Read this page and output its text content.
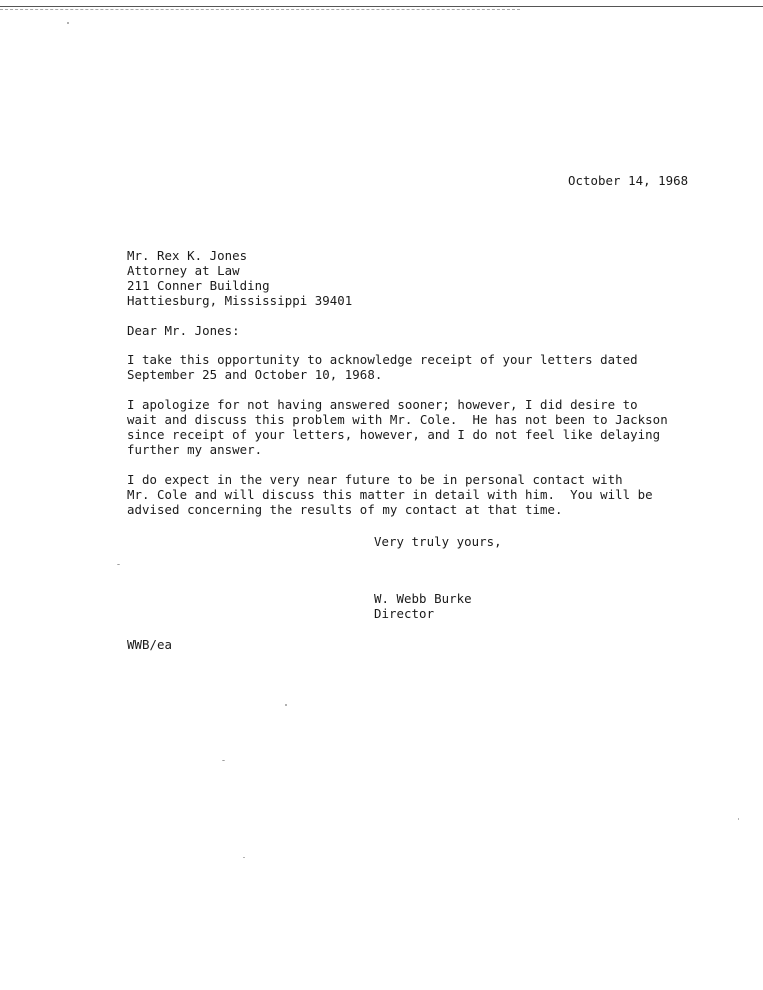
October 14, 1968
Mr. Rex K. Jones
Attorney at Law
211 Conner Building
Hattiesburg, Mississippi 39401
Dear Mr. Jones:
I take this opportunity to acknowledge receipt of your letters dated
September 25 and October 10, 1968.
I apologize for not having answered sooner; however, I did desire to
wait and discuss this problem with Mr. Cole.  He has not been to Jackson
since receipt of your letters, however, and I do not feel like delaying
further my answer.
I do expect in the very near future to be in personal contact with
Mr. Cole and will discuss this matter in detail with him.  You will be
advised concerning the results of my contact at that time.
Very truly yours,
W. Webb Burke
Director
WWB/ea
